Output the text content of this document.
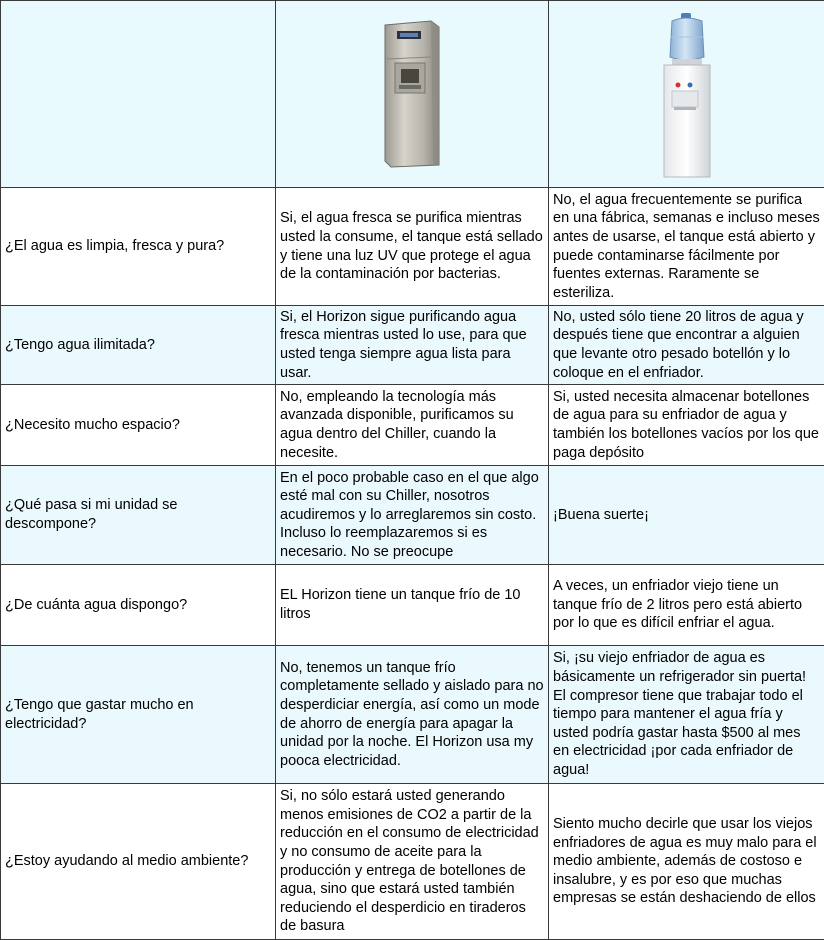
¿El agua es limpia, fresca y pura?	Si, el agua fresca se purifica mientras usted la consume, el tanque está sellado y tiene una luz UV que protege el agua de la contaminación por bacterias.	No, el agua frecuentemente se purifica en una fábrica, semanas e incluso meses antes de usarse, el tanque está abierto y puede contaminarse fácilmente por fuentes externas. Raramente se esteriliza.
¿Tengo agua ilimitada?	Si, el Horizon sigue purificando agua fresca mientras usted lo use, para que usted tenga siempre agua lista para usar.	No, usted sólo tiene 20 litros de agua y después tiene que encontrar a alguien que levante otro pesado botellón y lo coloque en el enfriador.
¿Necesito mucho espacio?	No, empleando la tecnología más avanzada disponible, purificamos su agua dentro del Chiller, cuando la necesite.	Si, usted necesita almacenar botellones de agua para su enfriador de agua y también los botellones vacíos por los que paga depósito
¿Qué pasa si mi unidad se descompone?	En el poco probable caso en el que algo esté mal con su Chiller, nosotros acudiremos y lo arreglaremos sin costo. Incluso lo reemplazaremos si es necesario. No se preocupe	¡Buena suerte¡
¿De cuánta agua dispongo?	EL Horizon tiene un tanque frío de 10 litros	A veces, un enfriador viejo tiene un tanque frío de 2 litros pero está abierto por lo que es difícil enfriar el agua.
¿Tengo que gastar mucho en electricidad?	No, tenemos un tanque frío completamente sellado y aislado para no desperdiciar energía, así como un mode de ahorro de energía para apagar la unidad por la noche. El Horizon usa my pooca electricidad.	Si, ¡su viejo enfriador de agua es básicamente un refrigerador sin puerta! El compresor tiene que trabajar todo el tiempo para mantener el agua fría y usted podría gastar hasta $500 al mes en electricidad ¡por cada enfriador de agua!
¿Estoy ayudando al medio ambiente?	Si, no sólo estará usted generando menos emisiones de CO2 a partir de la reducción en el consumo de electricidad y no consumo de aceite para la producción y entrega de botellones de agua, sino que estará usted también reduciendo el desperdicio en tiraderos de basura	Siento mucho decirle que usar los viejos enfriadores de agua es muy malo para el medio ambiente, además de costoso e insalubre, y es por eso que muchas empresas se están deshaciendo de ellos
